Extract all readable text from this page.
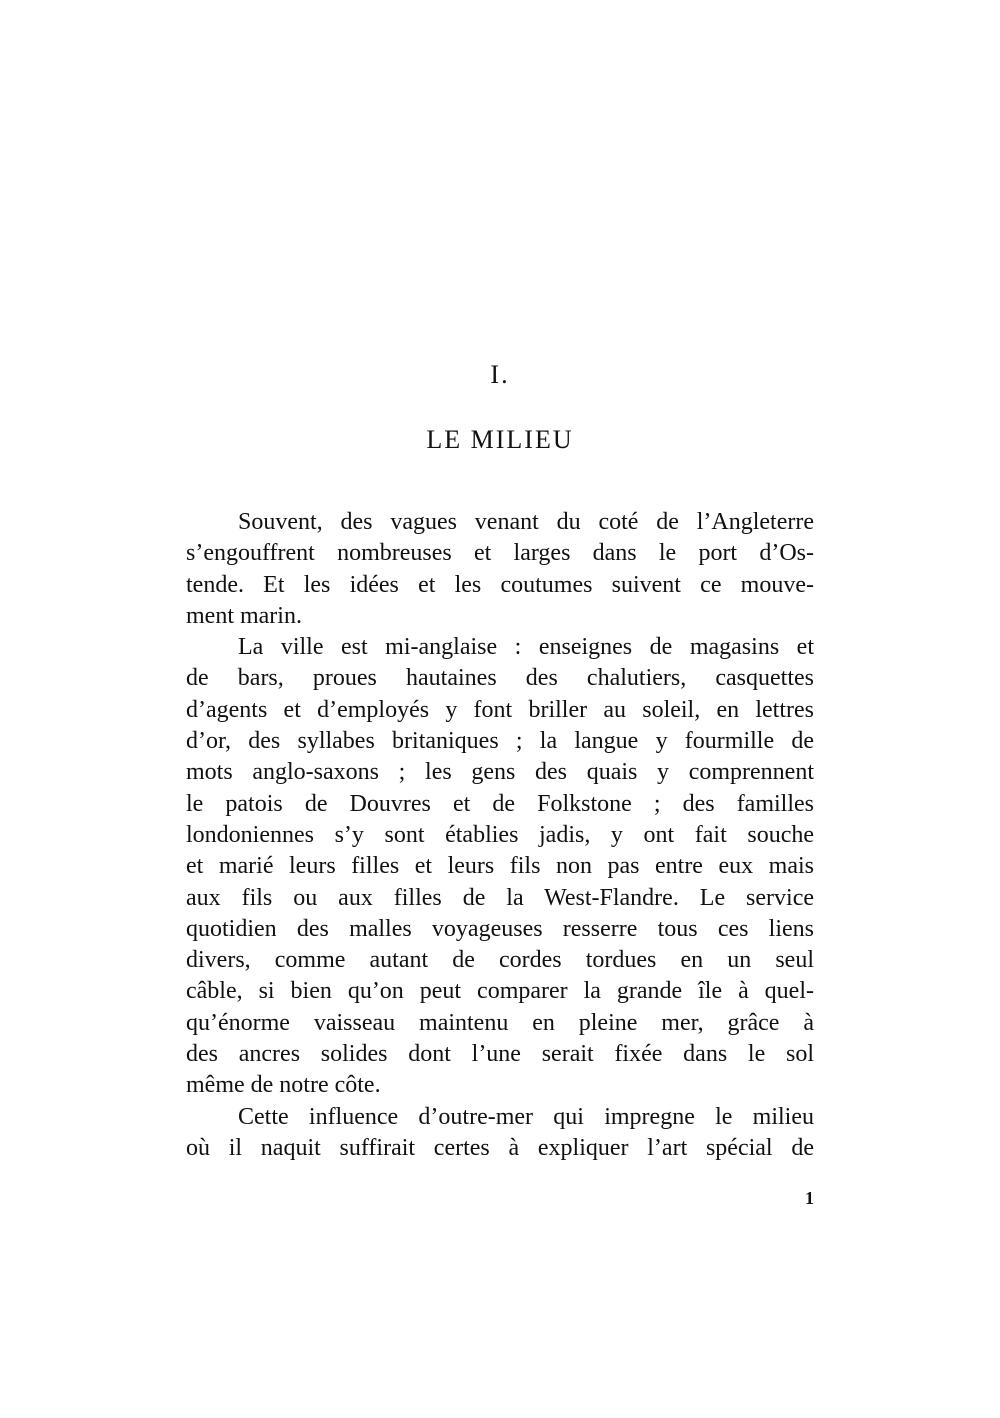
I.
LE MILIEU
Souvent, des vagues venant du coté de l’Angleterre
s’engouffrent nombreuses et larges dans le port d’Os-
tende. Et les idées et les coutumes suivent ce mouve-
ment marin.
La ville est mi-anglaise : enseignes de magasins et
de bars, proues hautaines des chalutiers, casquettes
d’agents et d’employés y font briller au soleil, en lettres
d’or, des syllabes britaniques ; la langue y fourmille de
mots anglo-saxons ; les gens des quais y comprennent
le patois de Douvres et de Folkstone ; des familles
londoniennes s’y sont établies jadis, y ont fait souche
et marié leurs filles et leurs fils non pas entre eux mais
aux fils ou aux filles de la West-Flandre. Le service
quotidien des malles voyageuses resserre tous ces liens
divers, comme autant de cordes tordues en un seul
câble, si bien qu’on peut comparer la grande île à quel-
qu’énorme vaisseau maintenu en pleine mer, grâce à
des ancres solides dont l’une serait fixée dans le sol
même de notre côte.
Cette influence d’outre-mer qui impregne le milieu
où il naquit suffirait certes à expliquer l’art spécial de
1
